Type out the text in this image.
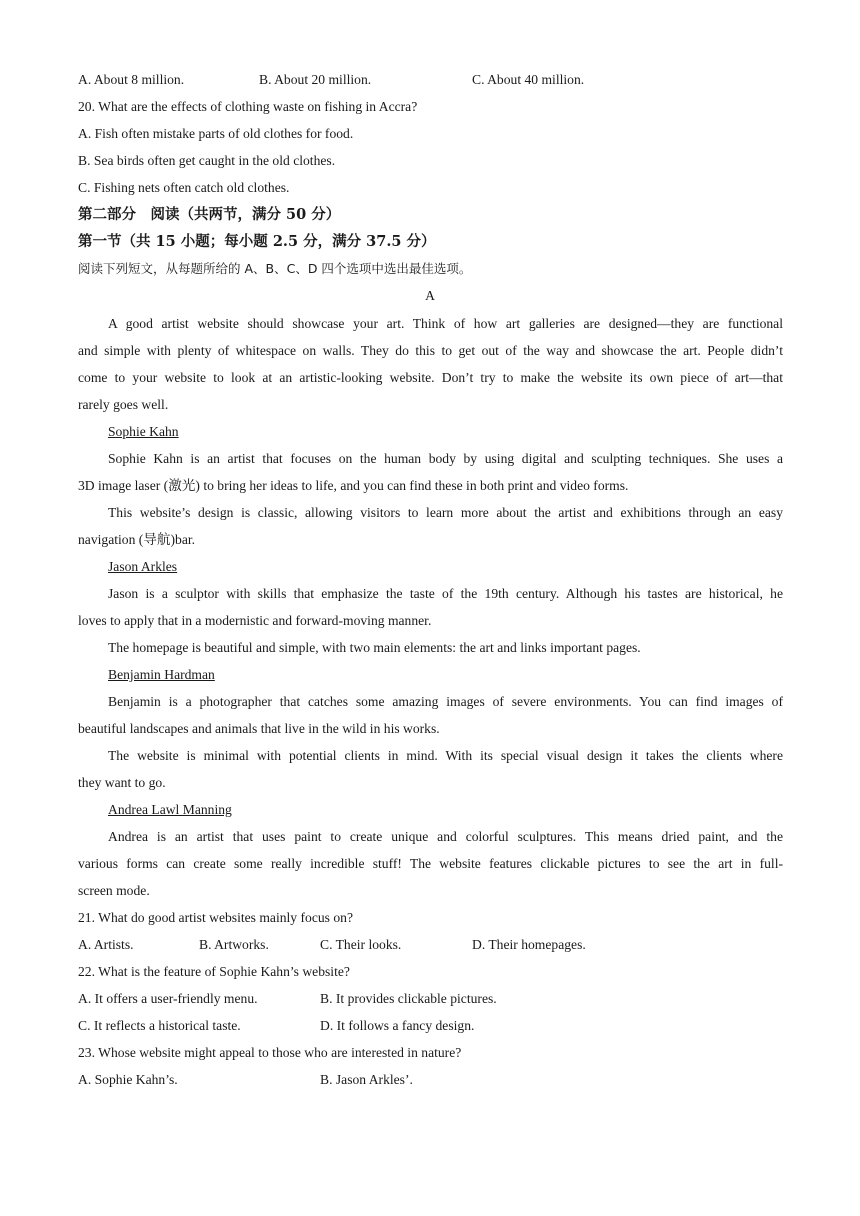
A. About 8 million.	B. About 20 million.	C. About 40 million.
20. What are the effects of clothing waste on fishing in Accra?
A. Fish often mistake parts of old clothes for food.
B. Sea birds often get caught in the old clothes.
C. Fishing nets often catch old clothes.
第二部分　阅读（共两节，满分 50 分）
第一节（共 15 小题；每小题 2.5 分，满分 37.5 分）
阅读下列短文，从每题所给的 A、B、C、D 四个选项中选出最佳选项。
A
A good artist website should showcase your art. Think of how art galleries are designed—they are functional
and simple with plenty of whitespace on walls. They do this to get out of the way and showcase the art. People didn’t
come to your website to look at an artistic-looking website. Don’t try to make the website its own piece of art—that
rarely goes well.
Sophie Kahn
Sophie Kahn is an artist that focuses on the human body by using digital and sculpting techniques. She uses a
3D image laser (激光) to bring her ideas to life, and you can find these in both print and video forms.
This website’s design is classic, allowing visitors to learn more about the artist and exhibitions through an easy
navigation (导航)bar.
Jason Arkles
Jason is a sculptor with skills that emphasize the taste of the 19th century. Although his tastes are historical, he
loves to apply that in a modernistic and forward-moving manner.
The homepage is beautiful and simple, with two main elements: the art and links important pages.
Benjamin Hardman
Benjamin is a photographer that catches some amazing images of severe environments. You can find images of
beautiful landscapes and animals that live in the wild in his works.
The website is minimal with potential clients in mind. With its special visual design it takes the clients where
they want to go.
Andrea Lawl Manning
Andrea is an artist that uses paint to create unique and colorful sculptures. This means dried paint, and the
various forms can create some really incredible stuff! The website features clickable pictures to see the art in full-
screen mode.
21. What do good artist websites mainly focus on?
A. Artists.	B. Artworks.	C. Their looks.	D. Their homepages.
22. What is the feature of Sophie Kahn’s website?
A. It offers a user-friendly menu.	B. It provides clickable pictures.
C. It reflects a historical taste.	D. It follows a fancy design.
23. Whose website might appeal to those who are interested in nature?
A. Sophie Kahn’s.	B. Jason Arkles’.
